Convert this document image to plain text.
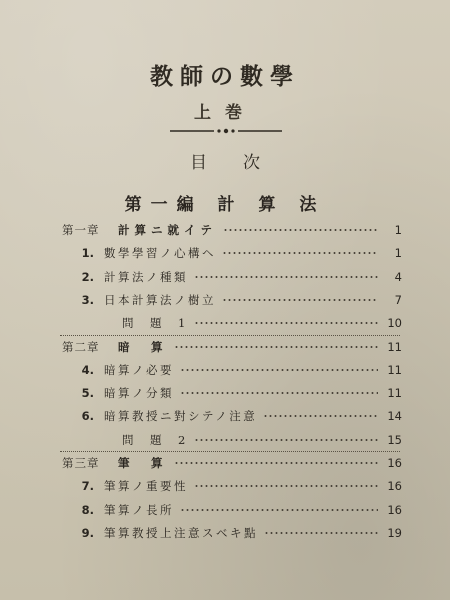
教師の數學
上巻
目次
第一編 計 算 法
第一章 計算ニ就イテ	1
1. 數學學習ノ心構ヘ	1
2. 計算法ノ種類	4
3. 日本計算法ノ樹立	7
問　題　1	10
第二章 暗　算	11
4. 暗算ノ必要	11
5. 暗算ノ分類	11
6. 暗算教授ニ對シテノ注意	14
問　題　2	15
第三章 筆　算	16
7. 筆算ノ重要性	16
8. 筆算ノ長所	16
9. 筆算教授上注意スベキ點	19
